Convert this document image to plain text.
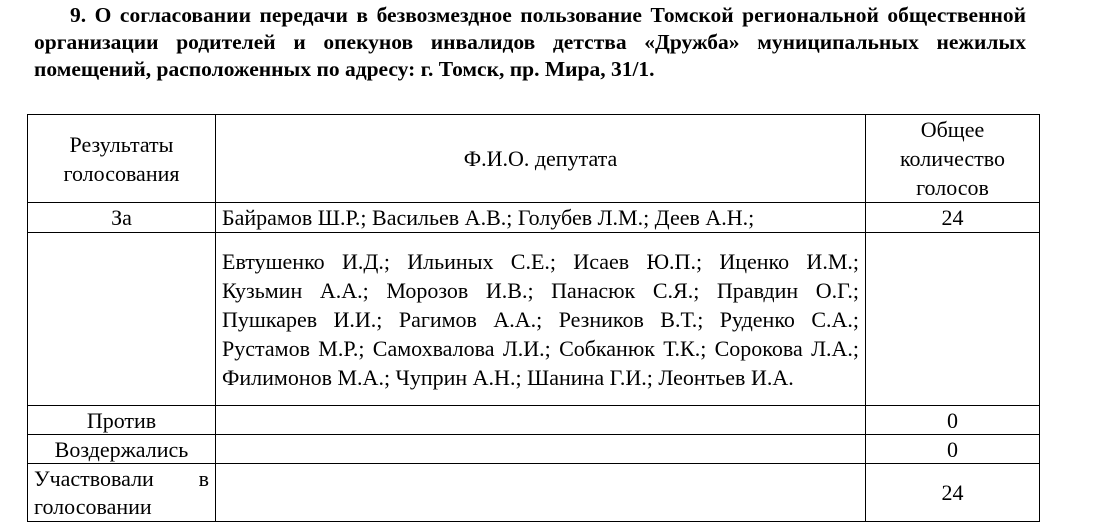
9. О согласовании передачи в безвозмездное пользование Томской региональной общественной организации родителей и опекунов инвалидов детства «Дружба» муниципальных нежилых помещений, расположенных по адресу: г. Томск, пр. Мира, 31/1.
Результаты голосования	Ф.И.О. депутата	Общее количество голосов
За	Байрамов Ш.Р.; Васильев А.В.; Голубев Л.М.; Деев А.Н.;	24
	Евтушенко И.Д.; Ильиных С.Е.; Исаев Ю.П.; Иценко И.М.; Кузьмин А.А.; Морозов И.В.; Панасюк С.Я.; Правдин О.Г.; Пушкарев И.И.; Рагимов А.А.; Резников В.Т.; Руденко С.А.; Рустамов М.Р.; Самохвалова Л.И.; Собканюк Т.К.; Сорокова Л.А.; Филимонов М.А.; Чуприн А.Н.; Шанина Г.И.; Леонтьев И.А.	
Против		0
Воздержались		0
Участвовали в голосовании		24
